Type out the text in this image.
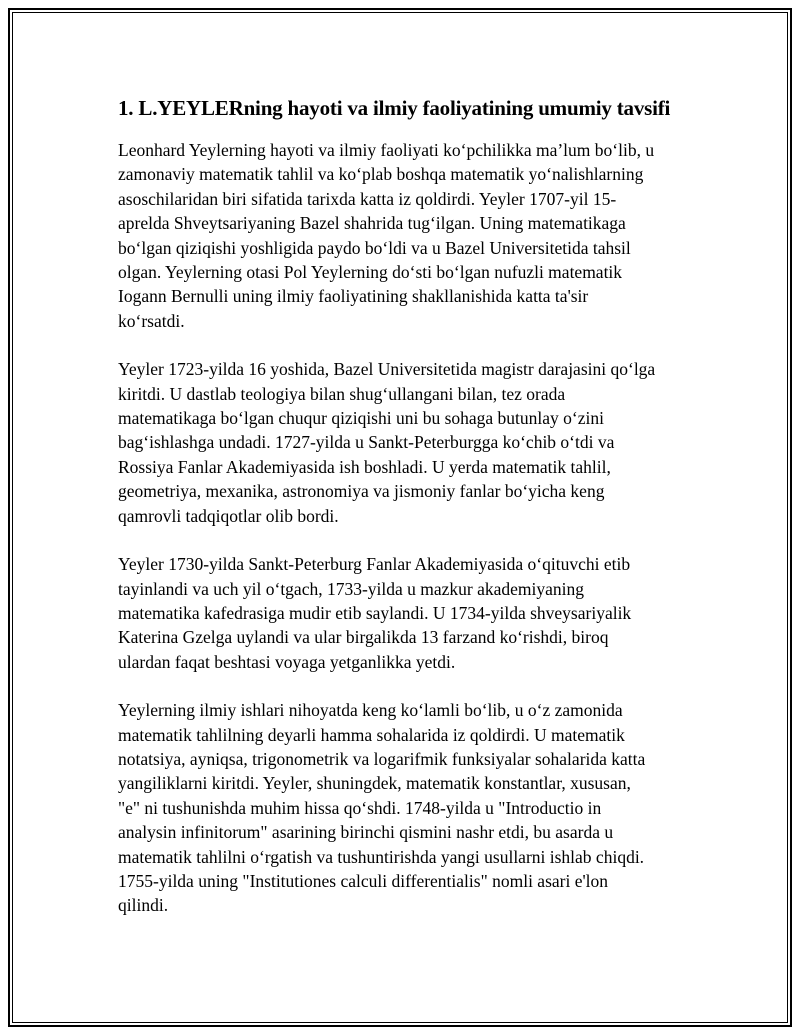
1. L.YEYLERning hayoti va ilmiy faoliyatining umumiy tavsifi

Leonhard Yeylerning hayoti va ilmiy faoliyati koʻpchilikka maʼlum boʻlib, u
zamonaviy matematik tahlil va koʻplab boshqa matematik yoʻnalishlarning
asoschilaridan biri sifatida tarixda katta iz qoldirdi. Yeyler 1707-yil 15-
aprelda Shveytsariyaning Bazel shahrida tugʻilgan. Uning matematikaga
boʻlgan qiziqishi yoshligida paydo boʻldi va u Bazel Universitetida tahsil
olgan. Yeylerning otasi Pol Yeylerning doʻsti boʻlgan nufuzli matematik
Iogann Bernulli uning ilmiy faoliyatining shakllanishida katta ta'sir
koʻrsatdi.

Yeyler 1723-yilda 16 yoshida, Bazel Universitetida magistr darajasini qoʻlga
kiritdi. U dastlab teologiya bilan shugʻullangani bilan, tez orada
matematikaga boʻlgan chuqur qiziqishi uni bu sohaga butunlay oʻzini
bagʻishlashga undadi. 1727-yilda u Sankt-Peterburgga koʻchib oʻtdi va
Rossiya Fanlar Akademiyasida ish boshladi. U yerda matematik tahlil,
geometriya, mexanika, astronomiya va jismoniy fanlar boʻyicha keng
qamrovli tadqiqotlar olib bordi.

Yeyler 1730-yilda Sankt-Peterburg Fanlar Akademiyasida oʻqituvchi etib
tayinlandi va uch yil oʻtgach, 1733-yilda u mazkur akademiyaning
matematika kafedrasiga mudir etib saylandi. U 1734-yilda shveysariyalik
Katerina Gzelga uylandi va ular birgalikda 13 farzand koʻrishdi, biroq
ulardan faqat beshtasi voyaga yetganlikka yetdi.

Yeylerning ilmiy ishlari nihoyatda keng koʻlamli boʻlib, u oʻz zamonida
matematik tahlilning deyarli hamma sohalarida iz qoldirdi. U matematik
notatsiya, ayniqsa, trigonometrik va logarifmik funksiyalar sohalarida katta
yangiliklarni kiritdi. Yeyler, shuningdek, matematik konstantlar, xususan,
"e" ni tushunishda muhim hissa qoʻshdi. 1748-yilda u "Introductio in
analysin infinitorum" asarining birinchi qismini nashr etdi, bu asarda u
matematik tahlilni oʻrgatish va tushuntirishda yangi usullarni ishlab chiqdi.
1755-yilda uning "Institutiones calculi differentialis" nomli asari e'lon
qilindi.
